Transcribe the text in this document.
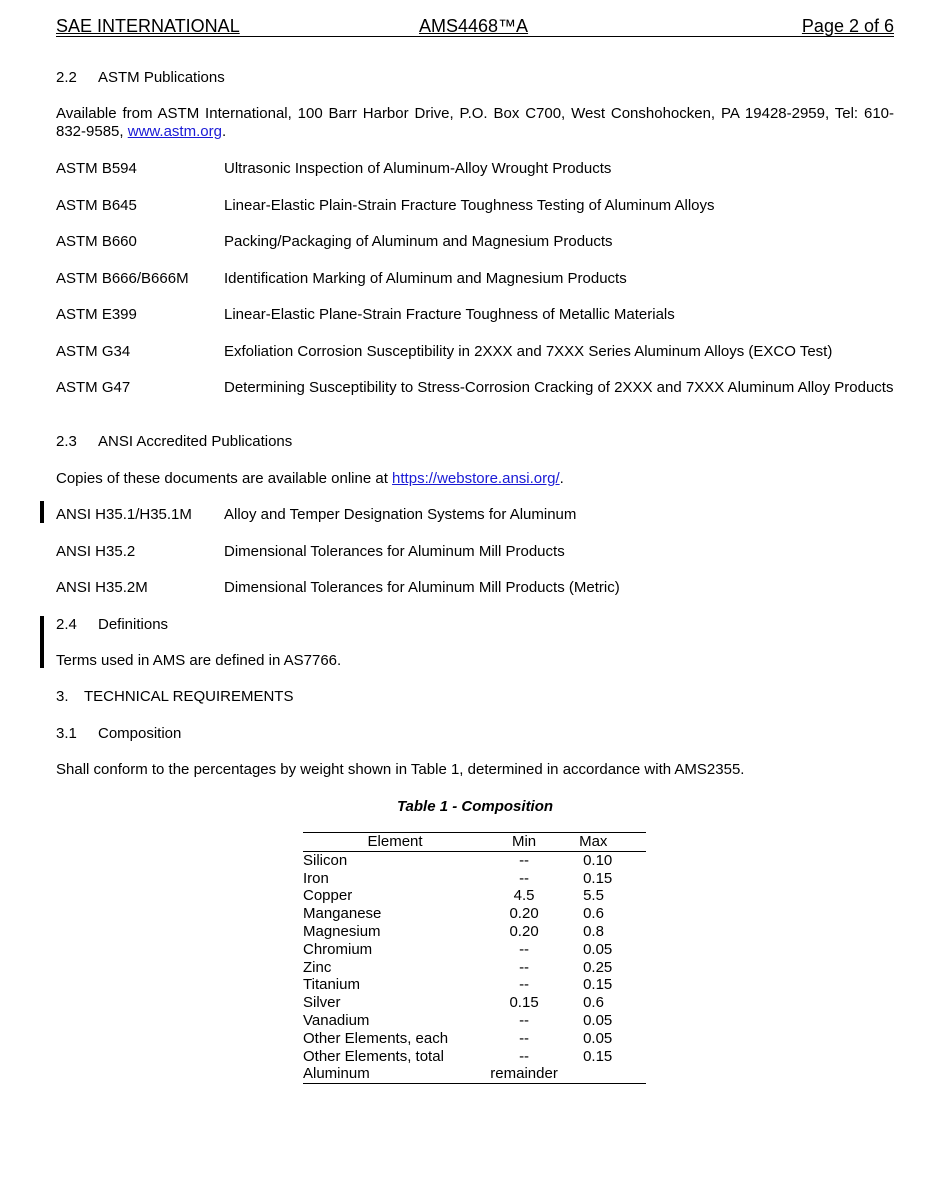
SAE INTERNATIONAL	AMS4468™A	Page 2 of 6
2.2 ASTM Publications
Available from ASTM International, 100 Barr Harbor Drive, P.O. Box C700, West Conshohocken, PA 19428-2959, Tel: 610-832-9585, www.astm.org.
ASTM B594	Ultrasonic Inspection of Aluminum-Alloy Wrought Products
ASTM B645	Linear-Elastic Plain-Strain Fracture Toughness Testing of Aluminum Alloys
ASTM B660	Packing/Packaging of Aluminum and Magnesium Products
ASTM B666/B666M	Identification Marking of Aluminum and Magnesium Products
ASTM E399	Linear-Elastic Plane-Strain Fracture Toughness of Metallic Materials
ASTM G34	Exfoliation Corrosion Susceptibility in 2XXX and 7XXX Series Aluminum Alloys (EXCO Test)
ASTM G47	Determining Susceptibility to Stress-Corrosion Cracking of 2XXX and 7XXX Aluminum Alloy Products
2.3 ANSI Accredited Publications
Copies of these documents are available online at https://webstore.ansi.org/.
ANSI H35.1/H35.1M	Alloy and Temper Designation Systems for Aluminum
ANSI H35.2	Dimensional Tolerances for Aluminum Mill Products
ANSI H35.2M	Dimensional Tolerances for Aluminum Mill Products (Metric)
2.4 Definitions
Terms used in AMS are defined in AS7766.
3. TECHNICAL REQUIREMENTS
3.1 Composition
Shall conform to the percentages by weight shown in Table 1, determined in accordance with AMS2355.
Table 1 - Composition
Element	Min	Max
Silicon	--	0.10
Iron	--	0.15
Copper	4.5	5.5
Manganese	0.20	0.6
Magnesium	0.20	0.8
Chromium	--	0.05
Zinc	--	0.25
Titanium	--	0.15
Silver	0.15	0.6
Vanadium	--	0.05
Other Elements, each	--	0.05
Other Elements, total	--	0.15
Aluminum	remainder	
